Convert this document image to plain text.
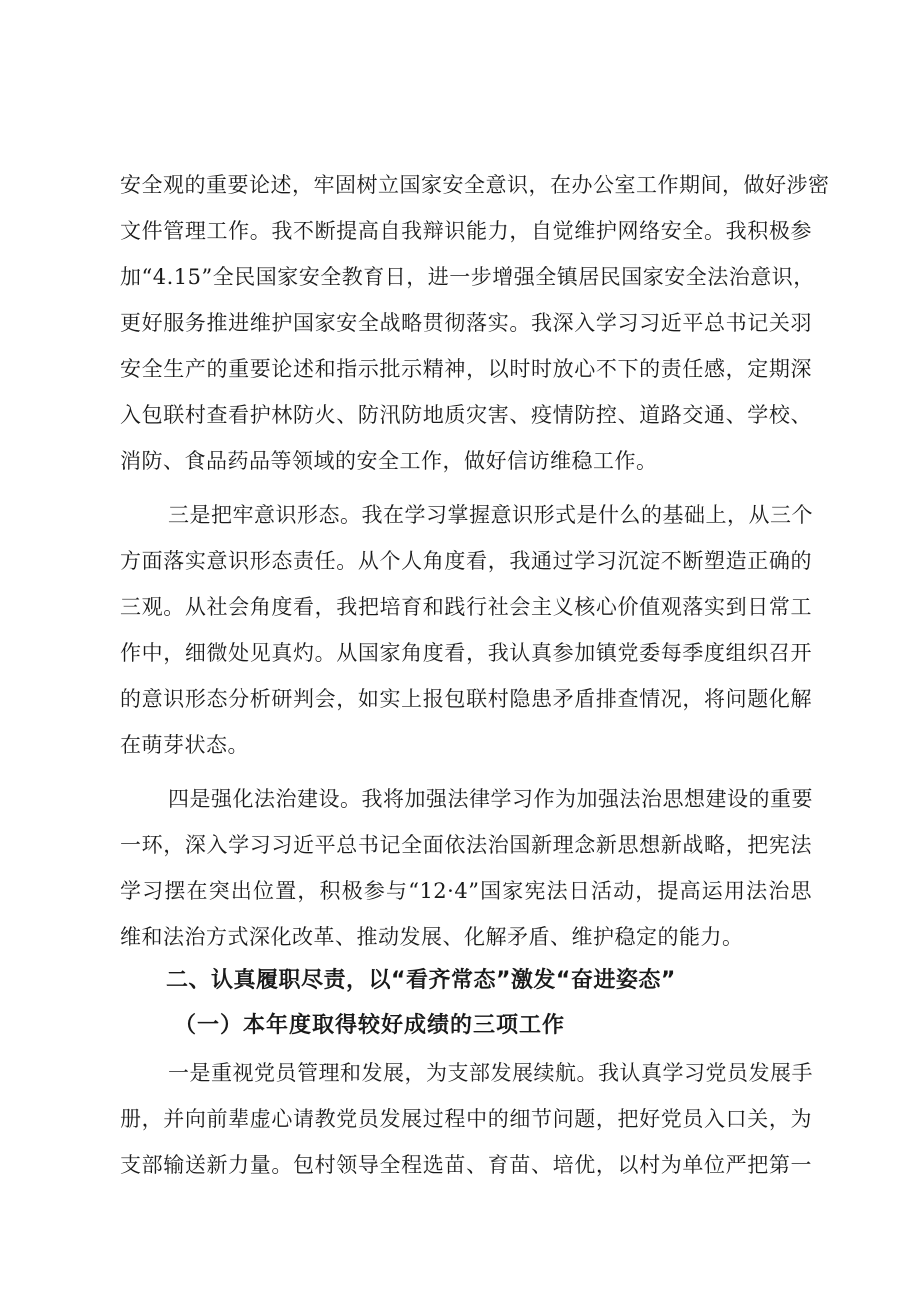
安全观的重要论述，牢固树立国家安全意识，在办公室工作期间，做好涉密
文件管理工作。我不断提高自我辩识能力，自觉维护网络安全。我积极参
加“4.15”全民国家安全教育日，进一步增强全镇居民国家安全法治意识，
更好服务推进维护国家安全战略贯彻落实。我深入学习习近平总书记关羽
安全生产的重要论述和指示批示精神，以时时放心不下的责任感，定期深
入包联村查看护林防火、防汛防地质灾害、疫情防控、道路交通、学校、
消防、食品药品等领域的安全工作，做好信访维稳工作。
三是把牢意识形态。我在学习掌握意识形式是什么的基础上，从三个
方面落实意识形态责任。从个人角度看，我通过学习沉淀不断塑造正确的
三观。从社会角度看，我把培育和践行社会主义核心价值观落实到日常工
作中，细微处见真灼。从国家角度看，我认真参加镇党委每季度组织召开
的意识形态分析研判会，如实上报包联村隐患矛盾排查情况，将问题化解
在萌芽状态。
四是强化法治建设。我将加强法律学习作为加强法治思想建设的重要
一环，深入学习习近平总书记全面依法治国新理念新思想新战略，把宪法
学习摆在突出位置，积极参与“12·4”国家宪法日活动，提高运用法治思
维和法治方式深化改革、推动发展、化解矛盾、维护稳定的能力。
二、认真履职尽责，以“看齐常态”激发“奋进姿态”
（一）本年度取得较好成绩的三项工作
一是重视党员管理和发展，为支部发展续航。我认真学习党员发展手
册，并向前辈虚心请教党员发展过程中的细节问题，把好党员入口关，为
支部输送新力量。包村领导全程选苗、育苗、培优，以村为单位严把第一
